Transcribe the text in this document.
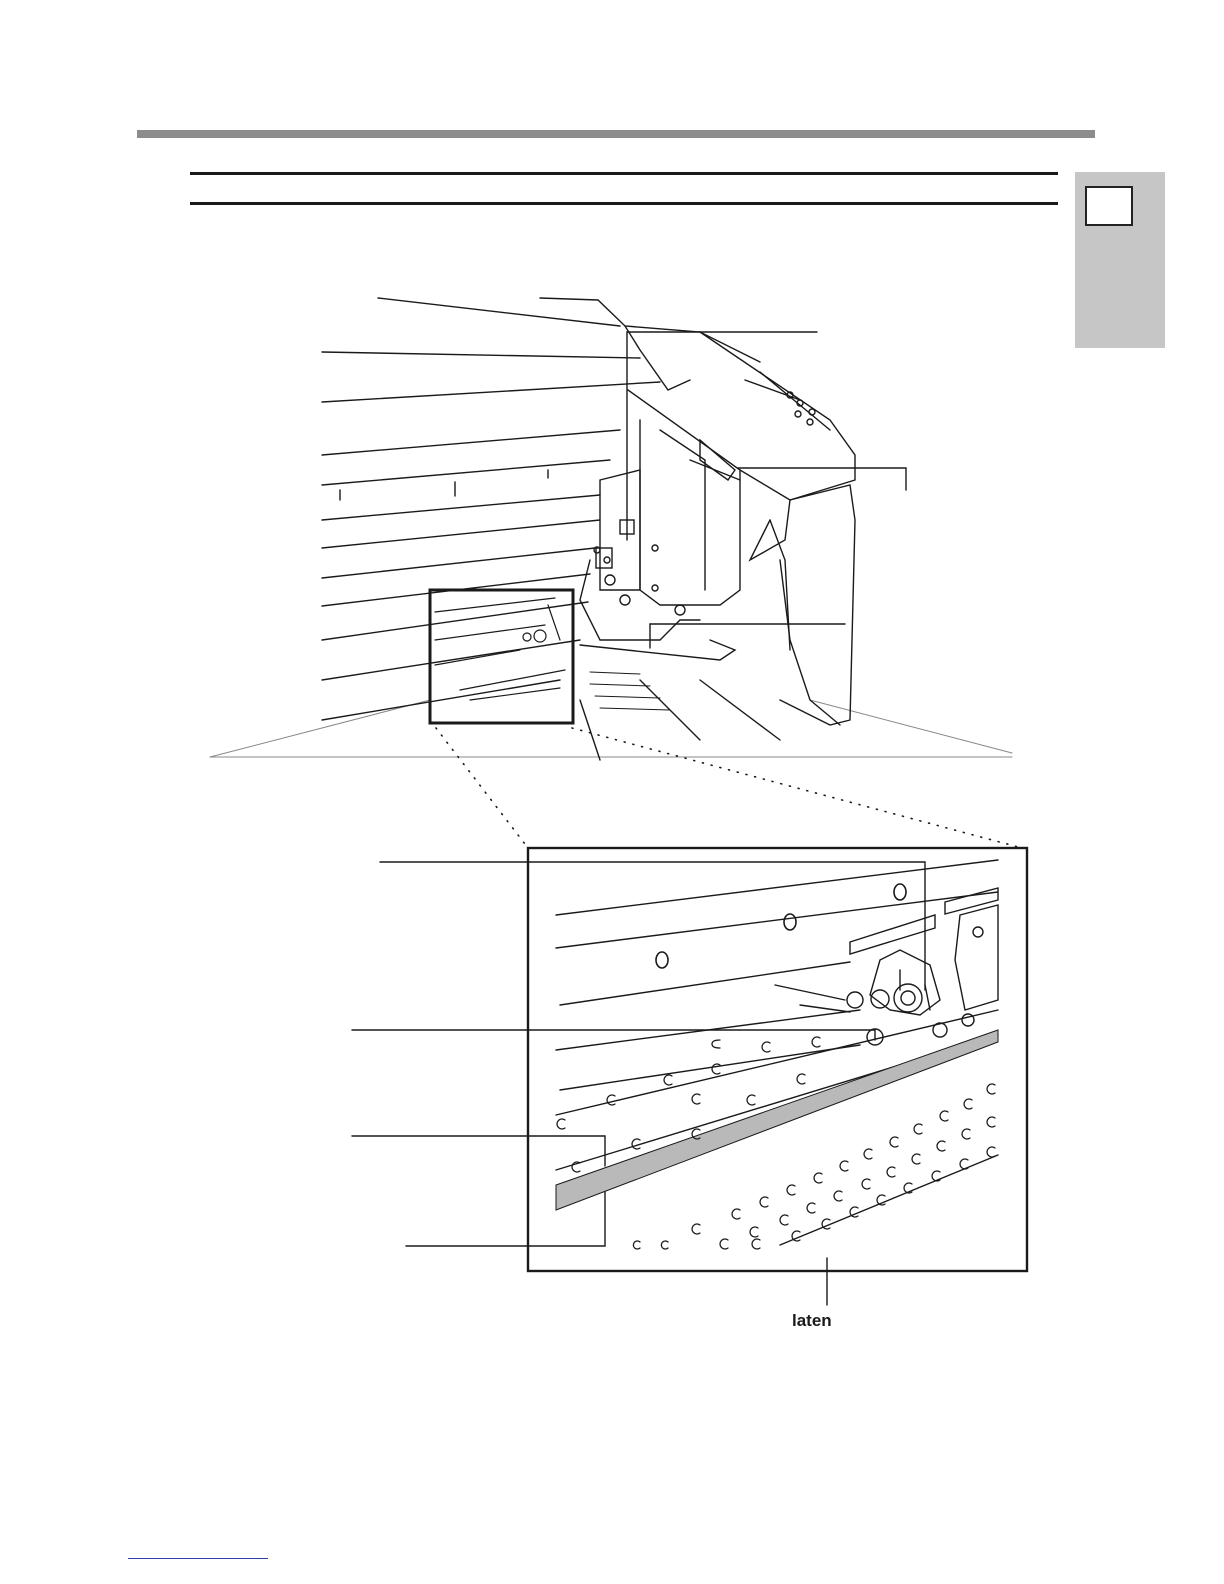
laten
